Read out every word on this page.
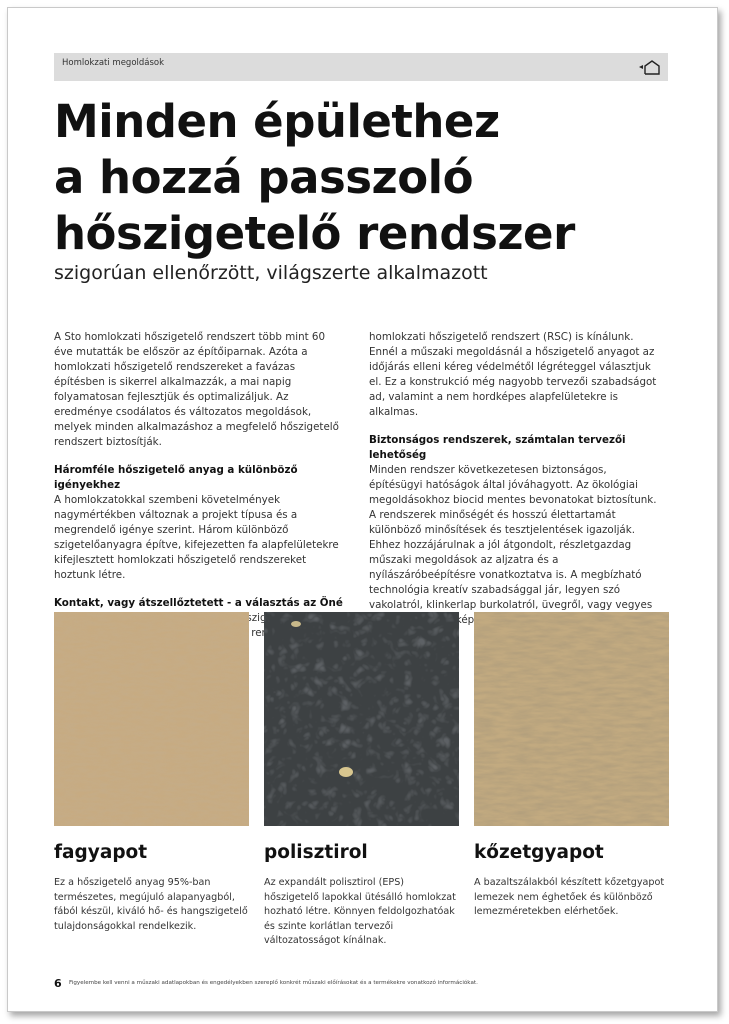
Homlokzati megoldások
Minden épülethez
a hozzá passzoló
hőszigetelő rendszer

szigorúan ellenőrzött, világszerte alkalmazott

A Sto homlokzati hőszigetelő rendszert több mint 60 éve mutatták be először az építőiparnak. Azóta a homlokzati hőszigetelő rendszereket a favázas építésben is sikerrel alkalmazzák, a mai napig folyamatosan fejlesztjük és optimalizáljuk. Az eredménye csodálatos és változatos megoldások, melyek minden alkalmazáshoz a megfelelő hőszigetelő rendszert biztosítják.

Háromféle hőszigetelő anyag a különböző igényekhez
A homlokzatokkal szembeni követelmények nagymértékben változnak a projekt típusa és a megrendelő igénye szerint. Három különböző szigetelőanyagra építve, kifejezetten fa alapfelületekre kifejlesztett homlokzati hőszigetelő rendszereket hoztunk létre.

Kontakt, vagy átszellőztetett - a választás az Öné
hőszigetelő

homlokzati hőszigetelő rendszert (RSC) is kínálunk. Ennél a műszaki megoldásnál a hőszigetelő anyagot az időjárás elleni kéreg védelmétől légréteggel választjuk el. Ez a konstrukció még nagyobb tervezői szabadságot ad, valamint a nem hordképes alapfelületekre is alkalmas.

Biztonságos rendszerek, számtalan tervezői lehetőség
Minden rendszer következetesen biztonságos, építésügyi hatóságok által jóváhagyott. Az ökológiai megoldásokhoz biocid mentes bevonatokat biztosítunk. A rendszerek minőségét és hosszú élettartamát különböző minősítések és tesztjelentések igazolják. Ehhez hozzájárulnak a jól átgondolt, részletgazdag műszaki megoldások az aljzatra és a nyílászáróbeépítésre vonatkoztatva is. A megbízható technológia kreatív szabadsággal jár, legyen szó vakolatról, klinkerlap burkolatról, üvegről, vagy vegyes

fagyapot	polisztirol	kőzetgyapot

Ez a hőszigetelő anyag 95%-ban természetes, megújuló alapanyagból, fából készül, kiváló hő- és hangszigetelő tulajdonságokkal rendelkezik.

Az expandált polisztirol (EPS) hőszigetelő lapokkal ütésálló homlokzat hozható létre. Könnyen feldolgozhatóak és szinte korlátlan tervezői változatosságot kínálnak.

A bazaltszálakból készített kőzetgyapot lemezek nem éghetőek és különböző lemezméretekben elérhetőek.

6 Figyelembe kell venni a műszaki adatlapokban és engedélyekben szereplő konkrét műszaki előírásokat és a termékekre vonatkozó információkat.
